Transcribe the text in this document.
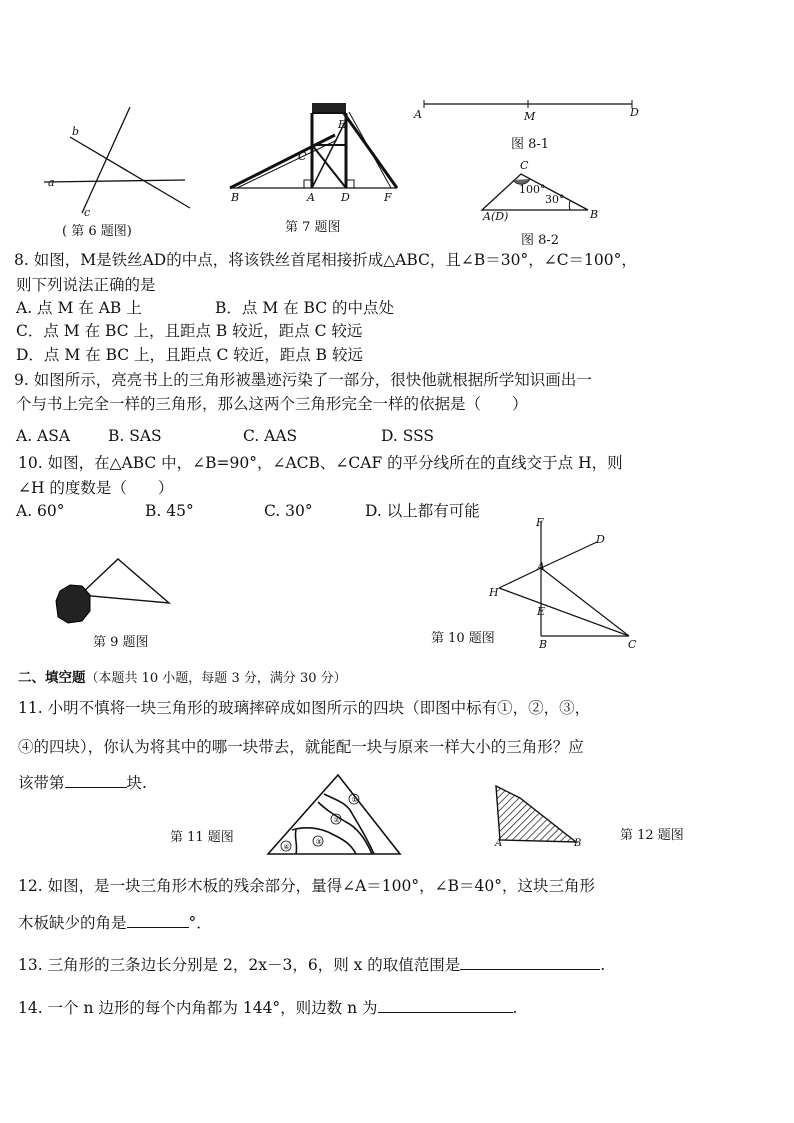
b
a
c
( 第 6 题图)
B	A
C
D
E
F
第 7 题图
A	M	D
图 8-1
C
A(D)	B
100°
30°
图 8-2
8. 如图，M是铁丝AD的中点，将该铁丝首尾相接折成△ABC，且∠B＝30°，∠C＝100°，
则下列说法正确的是
A. 点 M 在 AB 上	B．点 M 在 BC 的中点处
C．点 M 在 BC 上，且距点 B 较近，距点 C 较远
D．点 M 在 BC 上，且距点 C 较近，距点 B 较远
9. 如图所示，亮亮书上的三角形被墨迹污染了一部分，很快他就根据所学知识画出一
个与书上完全一样的三角形，那么这两个三角形完全一样的依据是（　　）
A. ASA B. SAS	C. AAS	D. SSS
10. 如图，在△ABC 中，∠B=90°，∠ACB、∠CAF 的平分线所在的直线交于点 H，则
∠H 的度数是（　　）
A. 60°	B. 45°	C. 30°	D. 以上都有可能
第 9 题图
F
D
A
H
E
B	C
第 10 题图
二、填空题（本题共 10 小题，每题 3 分，满分 30 分）
11. 小明不慎将一块三角形的玻璃摔碎成如图所示的四块（即图中标有①，②，③，
④的四块），你认为将其中的哪一块带去，就能配一块与原来一样大小的三角形？应
该带第	块.
①
②
③
④
第 11 题图	A	B
第 12 题图
12. 如图，是一块三角形木板的残余部分，量得∠A＝100°，∠B＝40°，这块三角形
木板缺少的角是	°．
13. 三角形的三条边长分别是 2，2x－3，6，则 x 的取值范围是	.
14. 一个 n 边形的每个内角都为 144°，则边数 n 为	.
